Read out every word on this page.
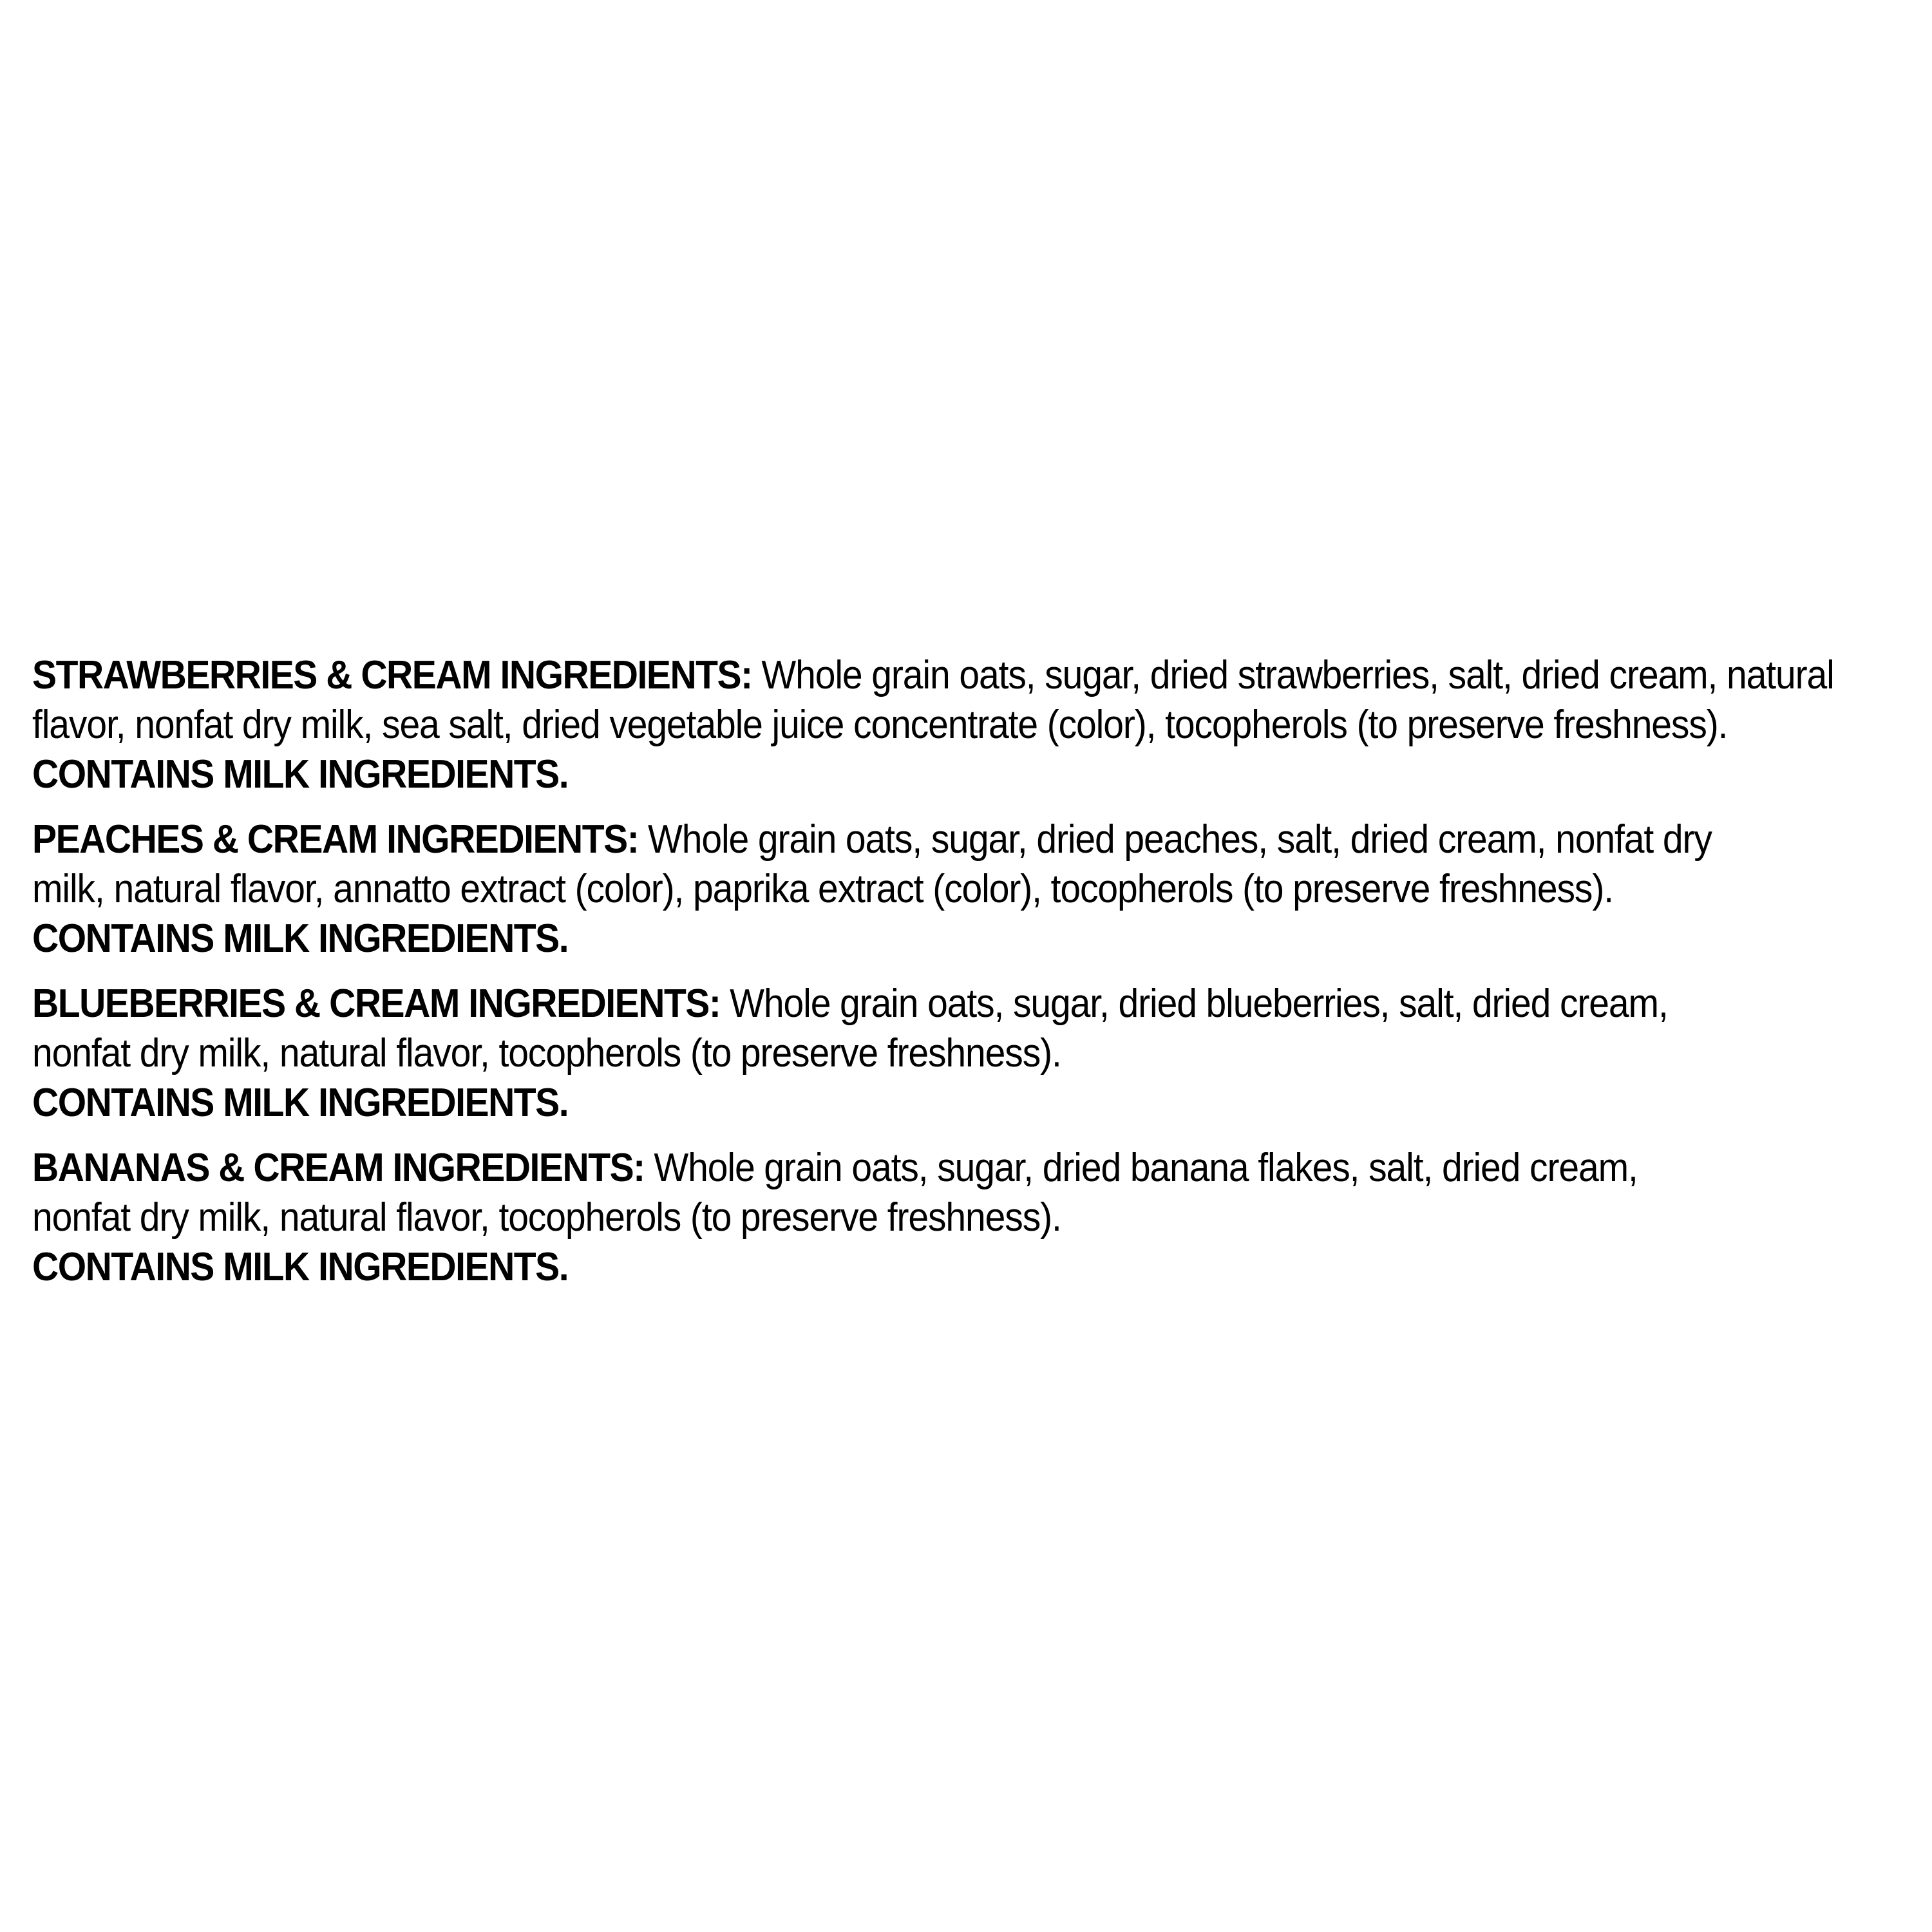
STRAWBERRIES & CREAM INGREDIENTS: Whole grain oats, sugar, dried strawberries, salt, dried cream, natural
flavor, nonfat dry milk, sea salt, dried vegetable juice concentrate (color), tocopherols (to preserve freshness).
CONTAINS MILK INGREDIENTS.
PEACHES & CREAM INGREDIENTS: Whole grain oats, sugar, dried peaches, salt, dried cream, nonfat dry
milk, natural flavor, annatto extract (color), paprika extract (color), tocopherols (to preserve freshness).
CONTAINS MILK INGREDIENTS.
BLUEBERRIES & CREAM INGREDIENTS: Whole grain oats, sugar, dried blueberries, salt, dried cream,
nonfat dry milk, natural flavor, tocopherols (to preserve freshness).
CONTAINS MILK INGREDIENTS.
BANANAS & CREAM INGREDIENTS: Whole grain oats, sugar, dried banana flakes, salt, dried cream,
nonfat dry milk, natural flavor, tocopherols (to preserve freshness).
CONTAINS MILK INGREDIENTS.
